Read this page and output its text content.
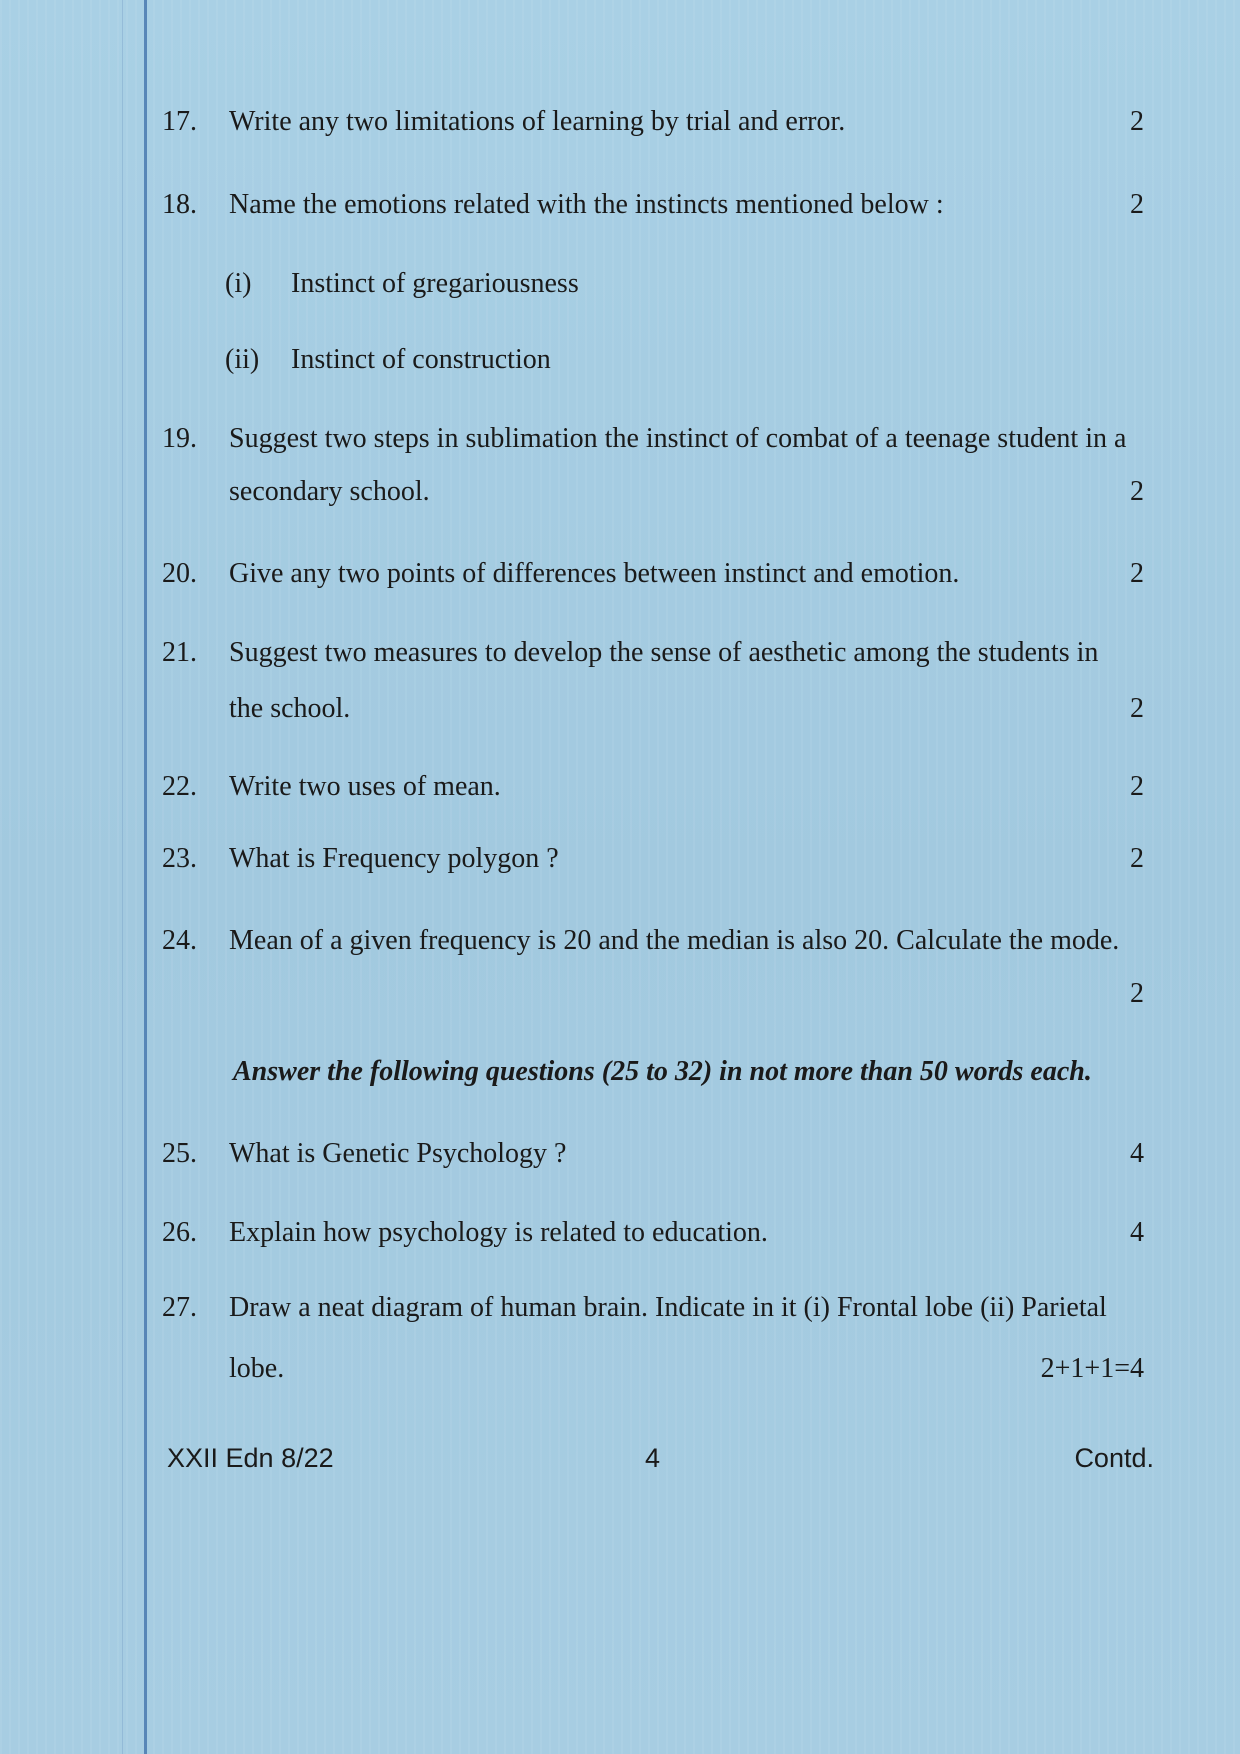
17. Write any two limitations of learning by trial and error.	2
18. Name the emotions related with the instincts mentioned below :	2
(i) Instinct of gregariousness
(ii) Instinct of construction
19. Suggest two steps in sublimation the instinct of combat of a teenage student in a
secondary school.	2
20. Give any two points of differences between instinct and emotion.	2
21. Suggest two measures to develop the sense of aesthetic among the students in
the school.	2
22. Write two uses of mean.	2
23. What is Frequency polygon ?	2
24. Mean of a given frequency is 20 and the median is also 20. Calculate the mode.
2
Answer the following questions (25 to 32) in not more than 50 words each.
25. What is Genetic Psychology ?	4
26. Explain how psychology is related to education.	4
27. Draw a neat diagram of human brain. Indicate in it (i) Frontal lobe (ii) Parietal
lobe.	2+1+1=4
XXII Edn 8/22	4	Contd.
